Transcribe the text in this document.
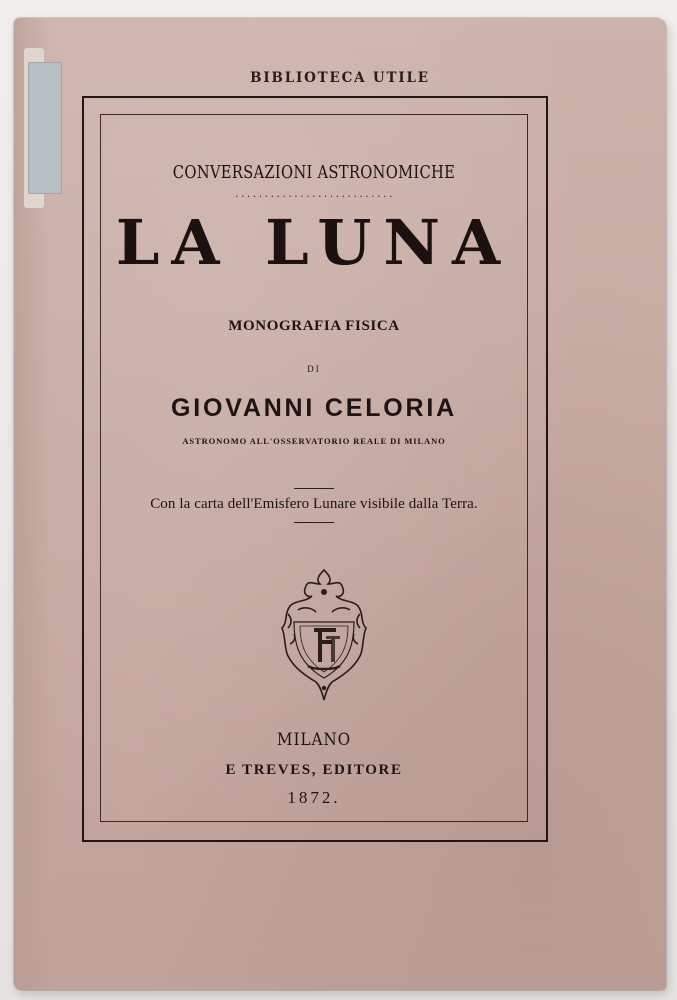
BIBLIOTECA UTILE
CONVERSAZIONI ASTRONOMICHE
...........................
LA LUNA
MONOGRAFIA FISICA
DI
GIOVANNI CELORIA
ASTRONOMO ALL'OSSERVATORIO REALE DI MILANO
Con la carta dell'Emisfero Lunare visibile dalla Terra.
MILANO
E TREVES, EDITORE
1872.
